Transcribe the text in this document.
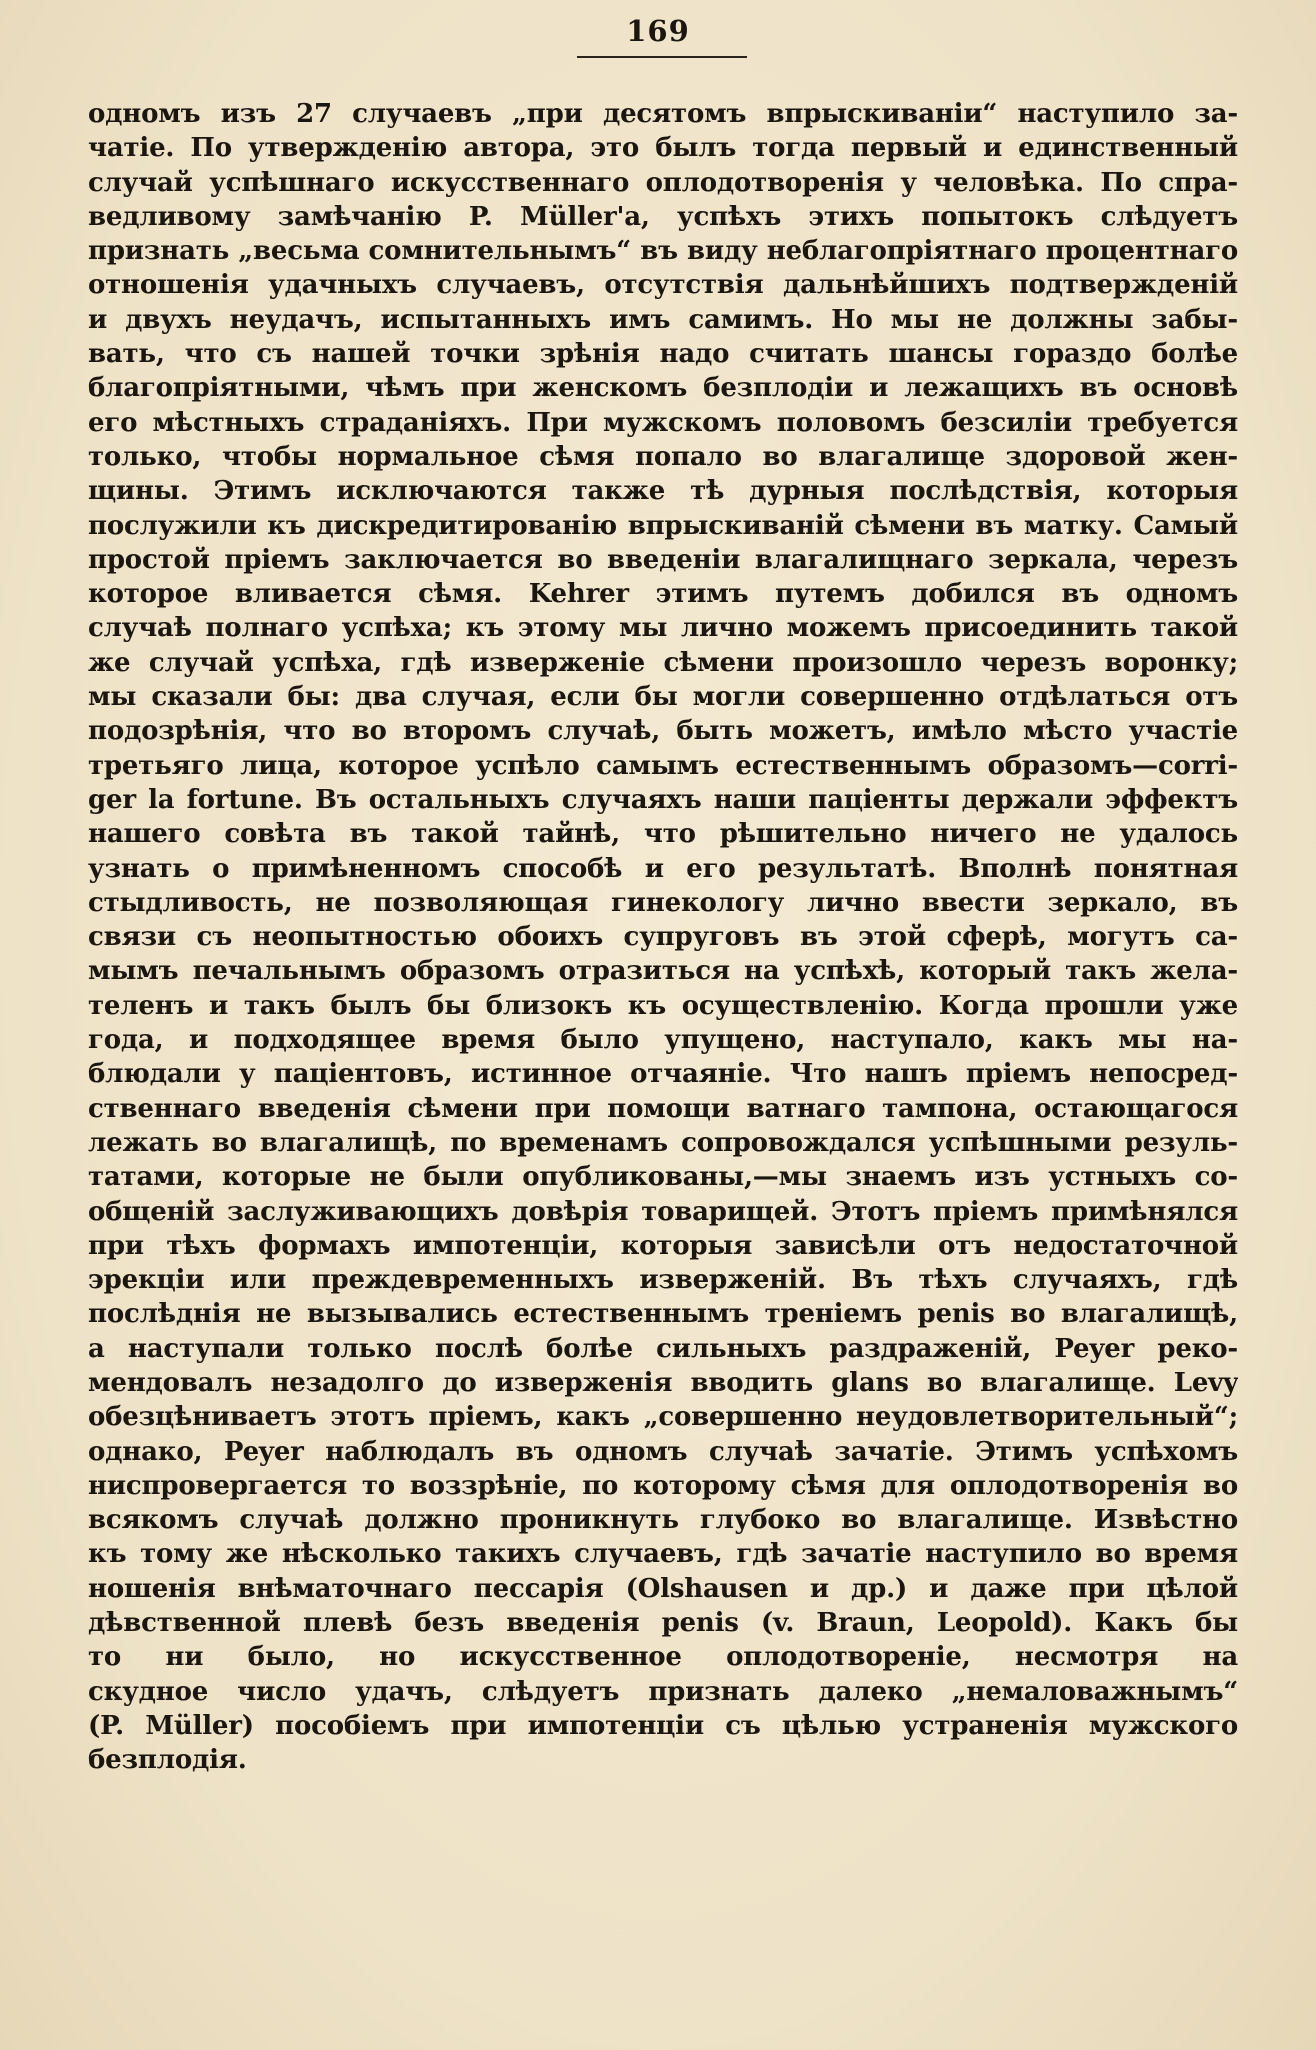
169
одномъ изъ 27 случаевъ „при десятомъ впрыскиванiи“ наступило за-
чатiе. По утвержденiю автора, это былъ тогда первый и единственный
случай успѣшнаго искусственнаго оплодотворенiя у человѣка. По спра-
ведливому замѣчанiю P. Müller'a, успѣхъ этихъ попытокъ слѣдуетъ
признать „весьма сомнительнымъ“ въ виду неблагопрiятнаго процентнаго
отношенiя удачныхъ случаевъ, отсутствiя дальнѣйшихъ подтвержденiй
и двухъ неудачъ, испытанныхъ имъ самимъ. Но мы не должны забы-
вать, что съ нашей точки зрѣнiя надо считать шансы гораздо болѣе
благопрiятными, чѣмъ при женскомъ безплодiи и лежащихъ въ основѣ
его мѣстныхъ страданiяхъ. При мужскомъ половомъ безсилiи требуется
только, чтобы нормальное сѣмя попало во влагалище здоровой жен-
щины. Этимъ исключаются также тѣ дурныя послѣдствiя, которыя
послужили къ дискредитированiю впрыскиванiй сѣмени въ матку. Самый
простой прiемъ заключается во введенiи влагалищнаго зеркала, черезъ
которое вливается сѣмя. Kehrer этимъ путемъ добился въ одномъ
случаѣ полнаго успѣха; къ этому мы лично можемъ присоединить такой
же случай успѣха, гдѣ изверженiе сѣмени произошло черезъ воронку;
мы сказали бы: два случая, если бы могли совершенно отдѣлаться отъ
подозрѣнiя, что во второмъ случаѣ, быть можетъ, имѣло мѣсто участiе
третьяго лица, которое успѣло самымъ естественнымъ образомъ—corri-
ger la fortune. Въ остальныхъ случаяхъ наши пацiенты держали эффектъ
нашего совѣта въ такой тайнѣ, что рѣшительно ничего не удалось
узнать о примѣненномъ способѣ и его результатѣ. Вполнѣ понятная
стыдливость, не позволяющая гинекологу лично ввести зеркало, въ
связи съ неопытностью обоихъ супруговъ въ этой сферѣ, могутъ са-
мымъ печальнымъ образомъ отразиться на успѣхѣ, который такъ жела-
теленъ и такъ былъ бы близокъ къ осуществленiю. Когда прошли уже
года, и подходящее время было упущено, наступало, какъ мы на-
блюдали у пацiентовъ, истинное отчаянiе. Что нашъ прiемъ непосред-
ственнаго введенiя сѣмени при помощи ватнаго тампона, остающагося
лежать во влагалищѣ, по временамъ сопровождался успѣшными резуль-
татами, которые не были опубликованы,—мы знаемъ изъ устныхъ со-
общенiй заслуживающихъ довѣрiя товарищей. Этотъ прiемъ примѣнялся
при тѣхъ формахъ импотенцiи, которыя зависѣли отъ недостаточной
эрекцiи или преждевременныхъ изверженiй. Въ тѣхъ случаяхъ, гдѣ
послѣднiя не вызывались естественнымъ тренiемъ penis во влагалищѣ,
а наступали только послѣ болѣе сильныхъ раздраженiй, Peyer реко-
мендовалъ незадолго до изверженiя вводить glans во влагалище. Levy
обезцѣниваетъ этотъ прiемъ, какъ „совершенно неудовлетворительный“;
однако, Peyer наблюдалъ въ одномъ случаѣ зачатiе. Этимъ успѣхомъ
ниспровергается то воззрѣнiе, по которому сѣмя для оплодотворенiя во
всякомъ случаѣ должно проникнуть глубоко во влагалище. Извѣстно
къ тому же нѣсколько такихъ случаевъ, гдѣ зачатiе наступило во время
ношенiя внѣматочнаго пессарiя (Olshausen и др.) и даже при цѣлой
дѣвственной плевѣ безъ введенiя penis (v. Braun, Leopold). Какъ бы
то ни было, но искусственное оплодотворенiе, несмотря на
скудное число удачъ, слѣдуетъ признать далеко „немаловажнымъ“
(P. Müller) пособiемъ при импотенцiи съ цѣлью устраненiя мужского
безплодiя.
